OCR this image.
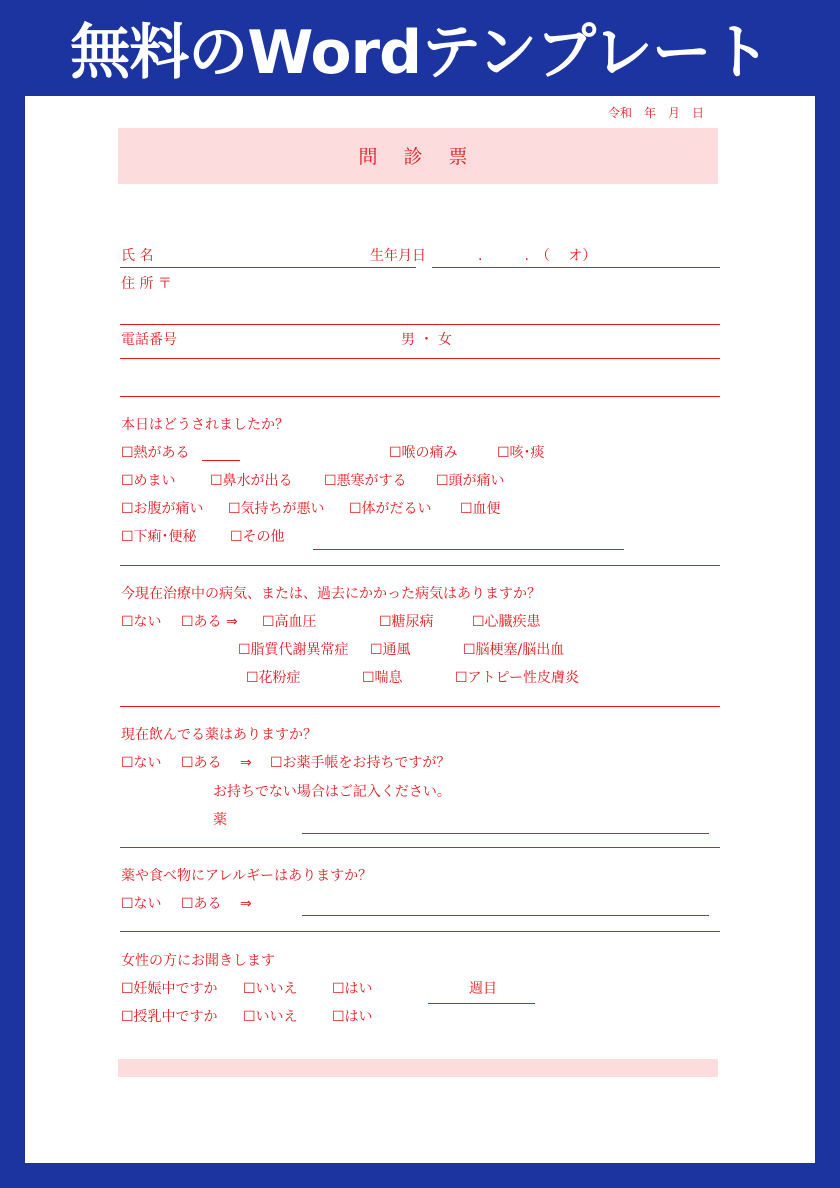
無料のWordテンプレート
令和　年　月　日
問 診 票
氏 名	生年月日	.　　　.　（　 オ）
住 所 〒
電話番号	男 ・ 女
本日はどうされましたか？
☐熱がある	☐喉の痛み	☐咳･痰
☐めまい ☐鼻水が出る ☐悪寒がする ☐頭が痛い
☐お腹が痛い ☐気持ちが悪い ☐体がだるい ☐血便
☐下痢･便秘 ☐その他
今現在治療中の病気、または、過去にかかった病気はありますか？
☐ない ☐ある ⇒ ☐高血圧	☐糖尿病	☐心臓疾患
☐脂質代謝異常症 ☐通風	☐脳梗塞/脳出血
☐花粉症	☐喘息	☐アトピー性皮膚炎
現在飲んでる薬はありますか？
☐ない ☐ある ⇒ ☐お薬手帳をお持ちですが？
お持ちでない場合はご記入ください。
薬
薬や食べ物にアレルギーはありますか？
☐ない ☐ある ⇒
女性の方にお聞きします
☐妊娠中ですか ☐いいえ ☐はい	週目
☐授乳中ですか ☐いいえ ☐はい
